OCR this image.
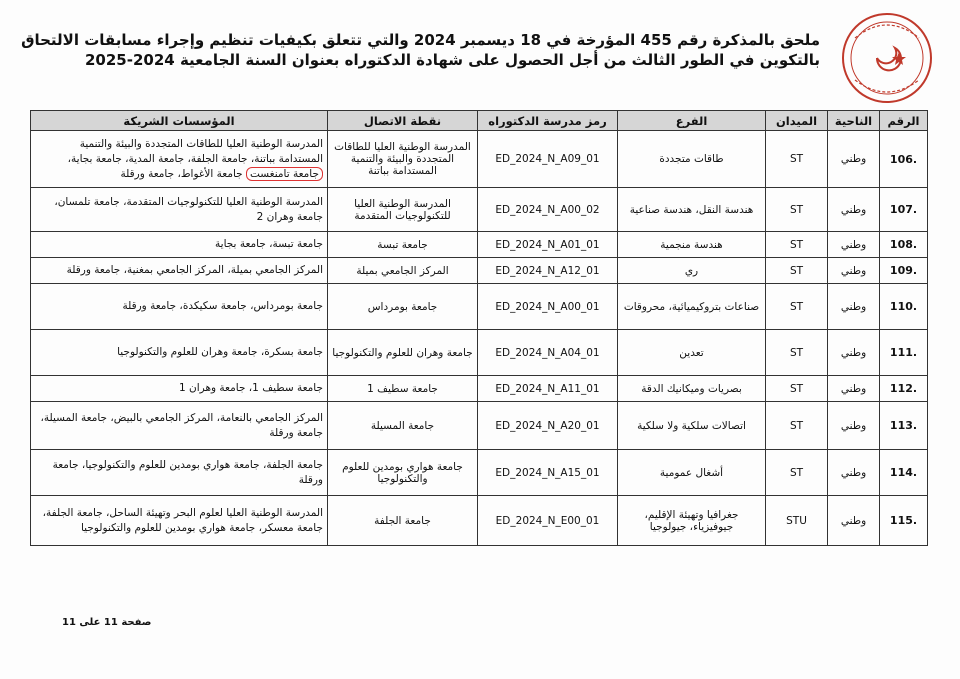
ملحق بالمذكرة رقم 455 المؤرخة في 18 ديسمبر 2024 والتي تتعلق بكيفيات تنظيم وإجراء مسابقات الالتحاق
بالتكوين في الطور الثالث من أجل الحصول على شهادة الدكتوراه بعنوان السنة الجامعية 2024-2025
الرقم	الناحية	الميدان	الفرع	رمز مدرسة الدكتوراه	نقطة الاتصال	المؤسسات الشريكة
106.	وطني	ST	طاقات متجددة	ED_2024_N_A09_01	المدرسة الوطنية العليا للطاقات المتجددة والبيئة والتنمية المستدامة بباتنة	المدرسة الوطنية العليا للطاقات المتجددة والبيئة والتنمية المستدامة بباتنة، جامعة الجلفة، جامعة المدية، جامعة بجاية، جامعة تامنغست جامعة الأغواط، جامعة ورقلة
107.	وطني	ST	هندسة النقل، هندسة صناعية	ED_2024_N_A00_02	المدرسة الوطنية العليا للتكنولوجيات المتقدمة	المدرسة الوطنية العليا للتكنولوجيات المتقدمة، جامعة تلمسان، جامعة وهران 2
108.	وطني	ST	هندسة منجمية	ED_2024_N_A01_01	جامعة تبسة	جامعة تبسة، جامعة بجاية
109.	وطني	ST	ري	ED_2024_N_A12_01	المركز الجامعي بميلة	المركز الجامعي بميلة، المركز الجامعي بمغنية، جامعة ورقلة
110.	وطني	ST	صناعات بتروكيميائية، محروقات	ED_2024_N_A00_01	جامعة بومرداس	جامعة بومرداس، جامعة سكيكدة، جامعة ورقلة
111.	وطني	ST	تعدين	ED_2024_N_A04_01	جامعة وهران للعلوم والتكنولوجيا	جامعة بسكرة، جامعة وهران للعلوم والتكنولوجيا
112.	وطني	ST	بصريات وميكانيك الدقة	ED_2024_N_A11_01	جامعة سطيف 1	جامعة سطيف 1، جامعة وهران 1
113.	وطني	ST	اتصالات سلكية ولا سلكية	ED_2024_N_A20_01	جامعة المسيلة	المركز الجامعي بالنعامة، المركز الجامعي بالبيض، جامعة المسيلة، جامعة ورقلة
114.	وطني	ST	أشغال عمومية	ED_2024_N_A15_01	جامعة هواري بومدين للعلوم والتكنولوجيا	جامعة الجلفة، جامعة هواري بومدين للعلوم والتكنولوجيا، جامعة ورقلة
115.	وطني	STU	جغرافيا وتهيئة الإقليم، جيوفيزياء، جيولوجيا	ED_2024_N_E00_01	جامعة الجلفة	المدرسة الوطنية العليا لعلوم البحر وتهيئة الساحل، جامعة الجلفة، جامعة معسكر، جامعة هواري بومدين للعلوم والتكنولوجيا
صفحة 11 على 11
